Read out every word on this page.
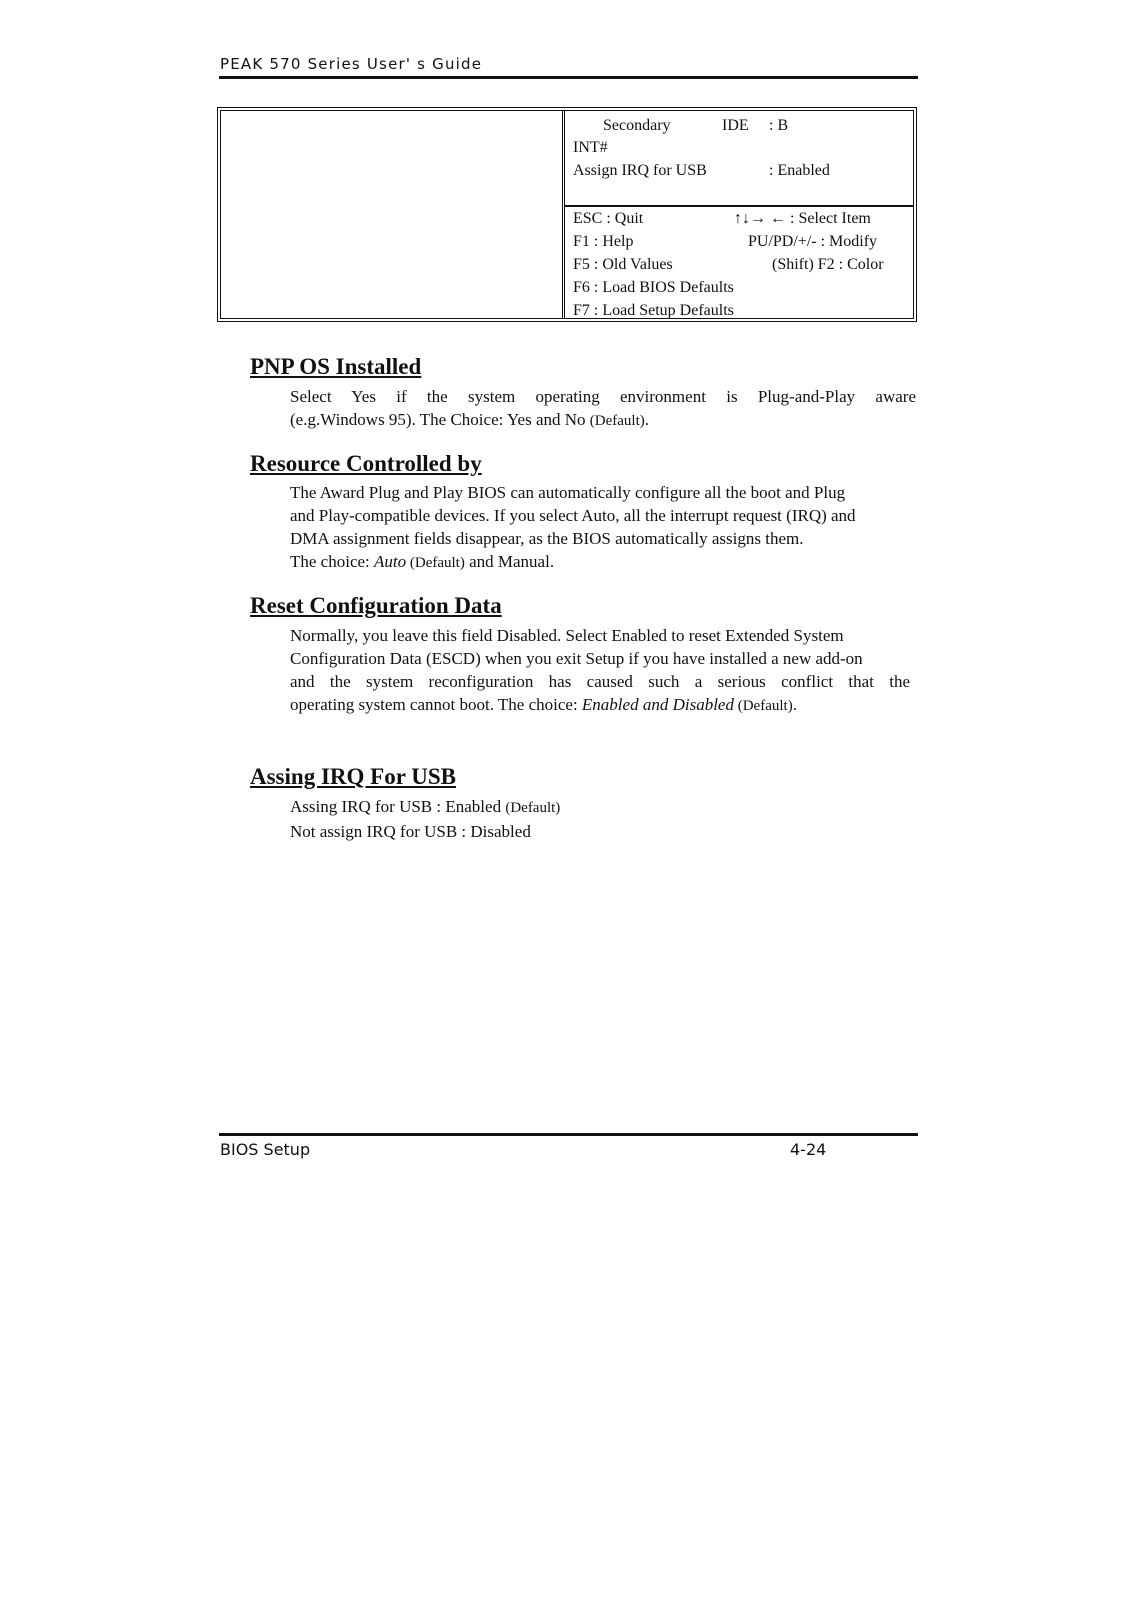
PEAK 570 Series User' s Guide
Secondary	IDE : B
INT#
Assign IRQ for USB	: Enabled
ESC : Quit	↑↓→ ← : Select Item
F1 : Help	PU/PD/+/- : Modify
F5 : Old Values	(Shift) F2 : Color
F6 : Load BIOS Defaults
F7 : Load Setup Defaults
PNP OS Installed
Select Yes if the system operating environment is Plug-and-Play aware
(e.g.Windows 95). The Choice: Yes and No (Default).
Resource Controlled by
The Award Plug and Play BIOS can automatically configure all the boot and Plug
and Play-compatible devices. If you select Auto, all the interrupt request (IRQ) and
DMA assignment fields disappear, as the BIOS automatically assigns them.
The choice: Auto (Default) and Manual.
Reset Configuration Data
Normally, you leave this field Disabled. Select Enabled to reset Extended System
Configuration Data (ESCD) when you exit Setup if you have installed a new add-on
and the system reconfiguration has caused such a serious conflict that the
operating system cannot boot. The choice: Enabled and Disabled (Default).
Assing IRQ For USB
Assing IRQ for USB : Enabled (Default)
Not assign IRQ for USB : Disabled
BIOS Setup	4-24
